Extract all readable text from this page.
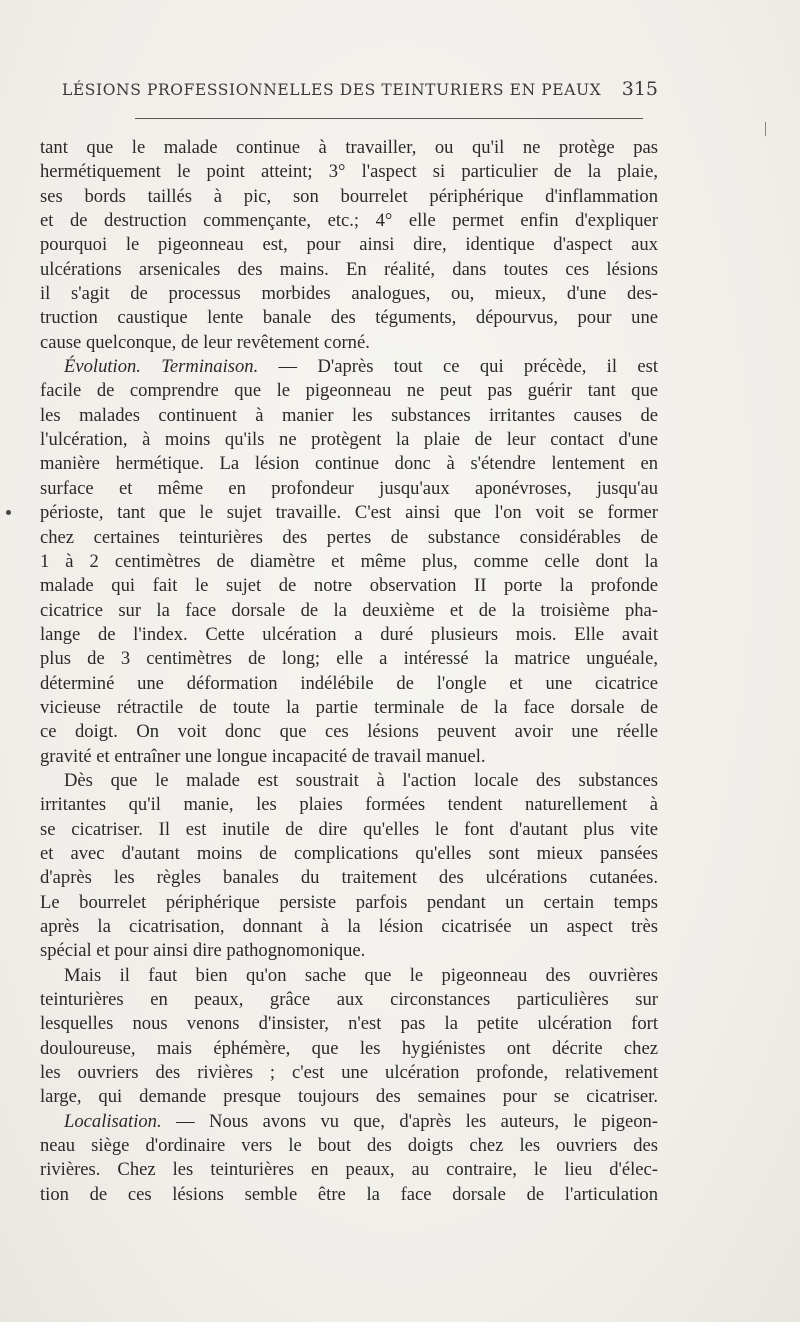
LÉSIONS PROFESSIONNELLES DES TEINTURIERS EN PEAUX 315
tant que le malade continue à travailler, ou qu'il ne protège pas
hermétiquement le point atteint; 3° l'aspect si particulier de la plaie,
ses bords taillés à pic, son bourrelet périphérique d'inflammation
et de destruction commençante, etc.; 4° elle permet enfin d'expliquer
pourquoi le pigeonneau est, pour ainsi dire, identique d'aspect aux
ulcérations arsenicales des mains. En réalité, dans toutes ces lésions
il s'agit de processus morbides analogues, ou, mieux, d'une des-
truction caustique lente banale des téguments, dépourvus, pour une
cause quelconque, de leur revêtement corné.
Évolution. Terminaison. — D'après tout ce qui précède, il est
facile de comprendre que le pigeonneau ne peut pas guérir tant que
les malades continuent à manier les substances irritantes causes de
l'ulcération, à moins qu'ils ne protègent la plaie de leur contact d'une
manière hermétique. La lésion continue donc à s'étendre lentement en
surface et même en profondeur jusqu'aux aponévroses, jusqu'au
périoste, tant que le sujet travaille. C'est ainsi que l'on voit se former
chez certaines teinturières des pertes de substance considérables de
1 à 2 centimètres de diamètre et même plus, comme celle dont la
malade qui fait le sujet de notre observation II porte la profonde
cicatrice sur la face dorsale de la deuxième et de la troisième pha-
lange de l'index. Cette ulcération a duré plusieurs mois. Elle avait
plus de 3 centimètres de long; elle a intéressé la matrice unguéale,
déterminé une déformation indélébile de l'ongle et une cicatrice
vicieuse rétractile de toute la partie terminale de la face dorsale de
ce doigt. On voit donc que ces lésions peuvent avoir une réelle
gravité et entraîner une longue incapacité de travail manuel.
Dès que le malade est soustrait à l'action locale des substances
irritantes qu'il manie, les plaies formées tendent naturellement à
se cicatriser. Il est inutile de dire qu'elles le font d'autant plus vite
et avec d'autant moins de complications qu'elles sont mieux pansées
d'après les règles banales du traitement des ulcérations cutanées.
Le bourrelet périphérique persiste parfois pendant un certain temps
après la cicatrisation, donnant à la lésion cicatrisée un aspect très
spécial et pour ainsi dire pathognomonique.
Mais il faut bien qu'on sache que le pigeonneau des ouvrières
teinturières en peaux, grâce aux circonstances particulières sur
lesquelles nous venons d'insister, n'est pas la petite ulcération fort
douloureuse, mais éphémère, que les hygiénistes ont décrite chez
les ouvriers des rivières ; c'est une ulcération profonde, relativement
large, qui demande presque toujours des semaines pour se cicatriser.
Localisation. — Nous avons vu que, d'après les auteurs, le pigeon-
neau siège d'ordinaire vers le bout des doigts chez les ouvriers des
rivières. Chez les teinturières en peaux, au contraire, le lieu d'élec-
tion de ces lésions semble être la face dorsale de l'articulation
